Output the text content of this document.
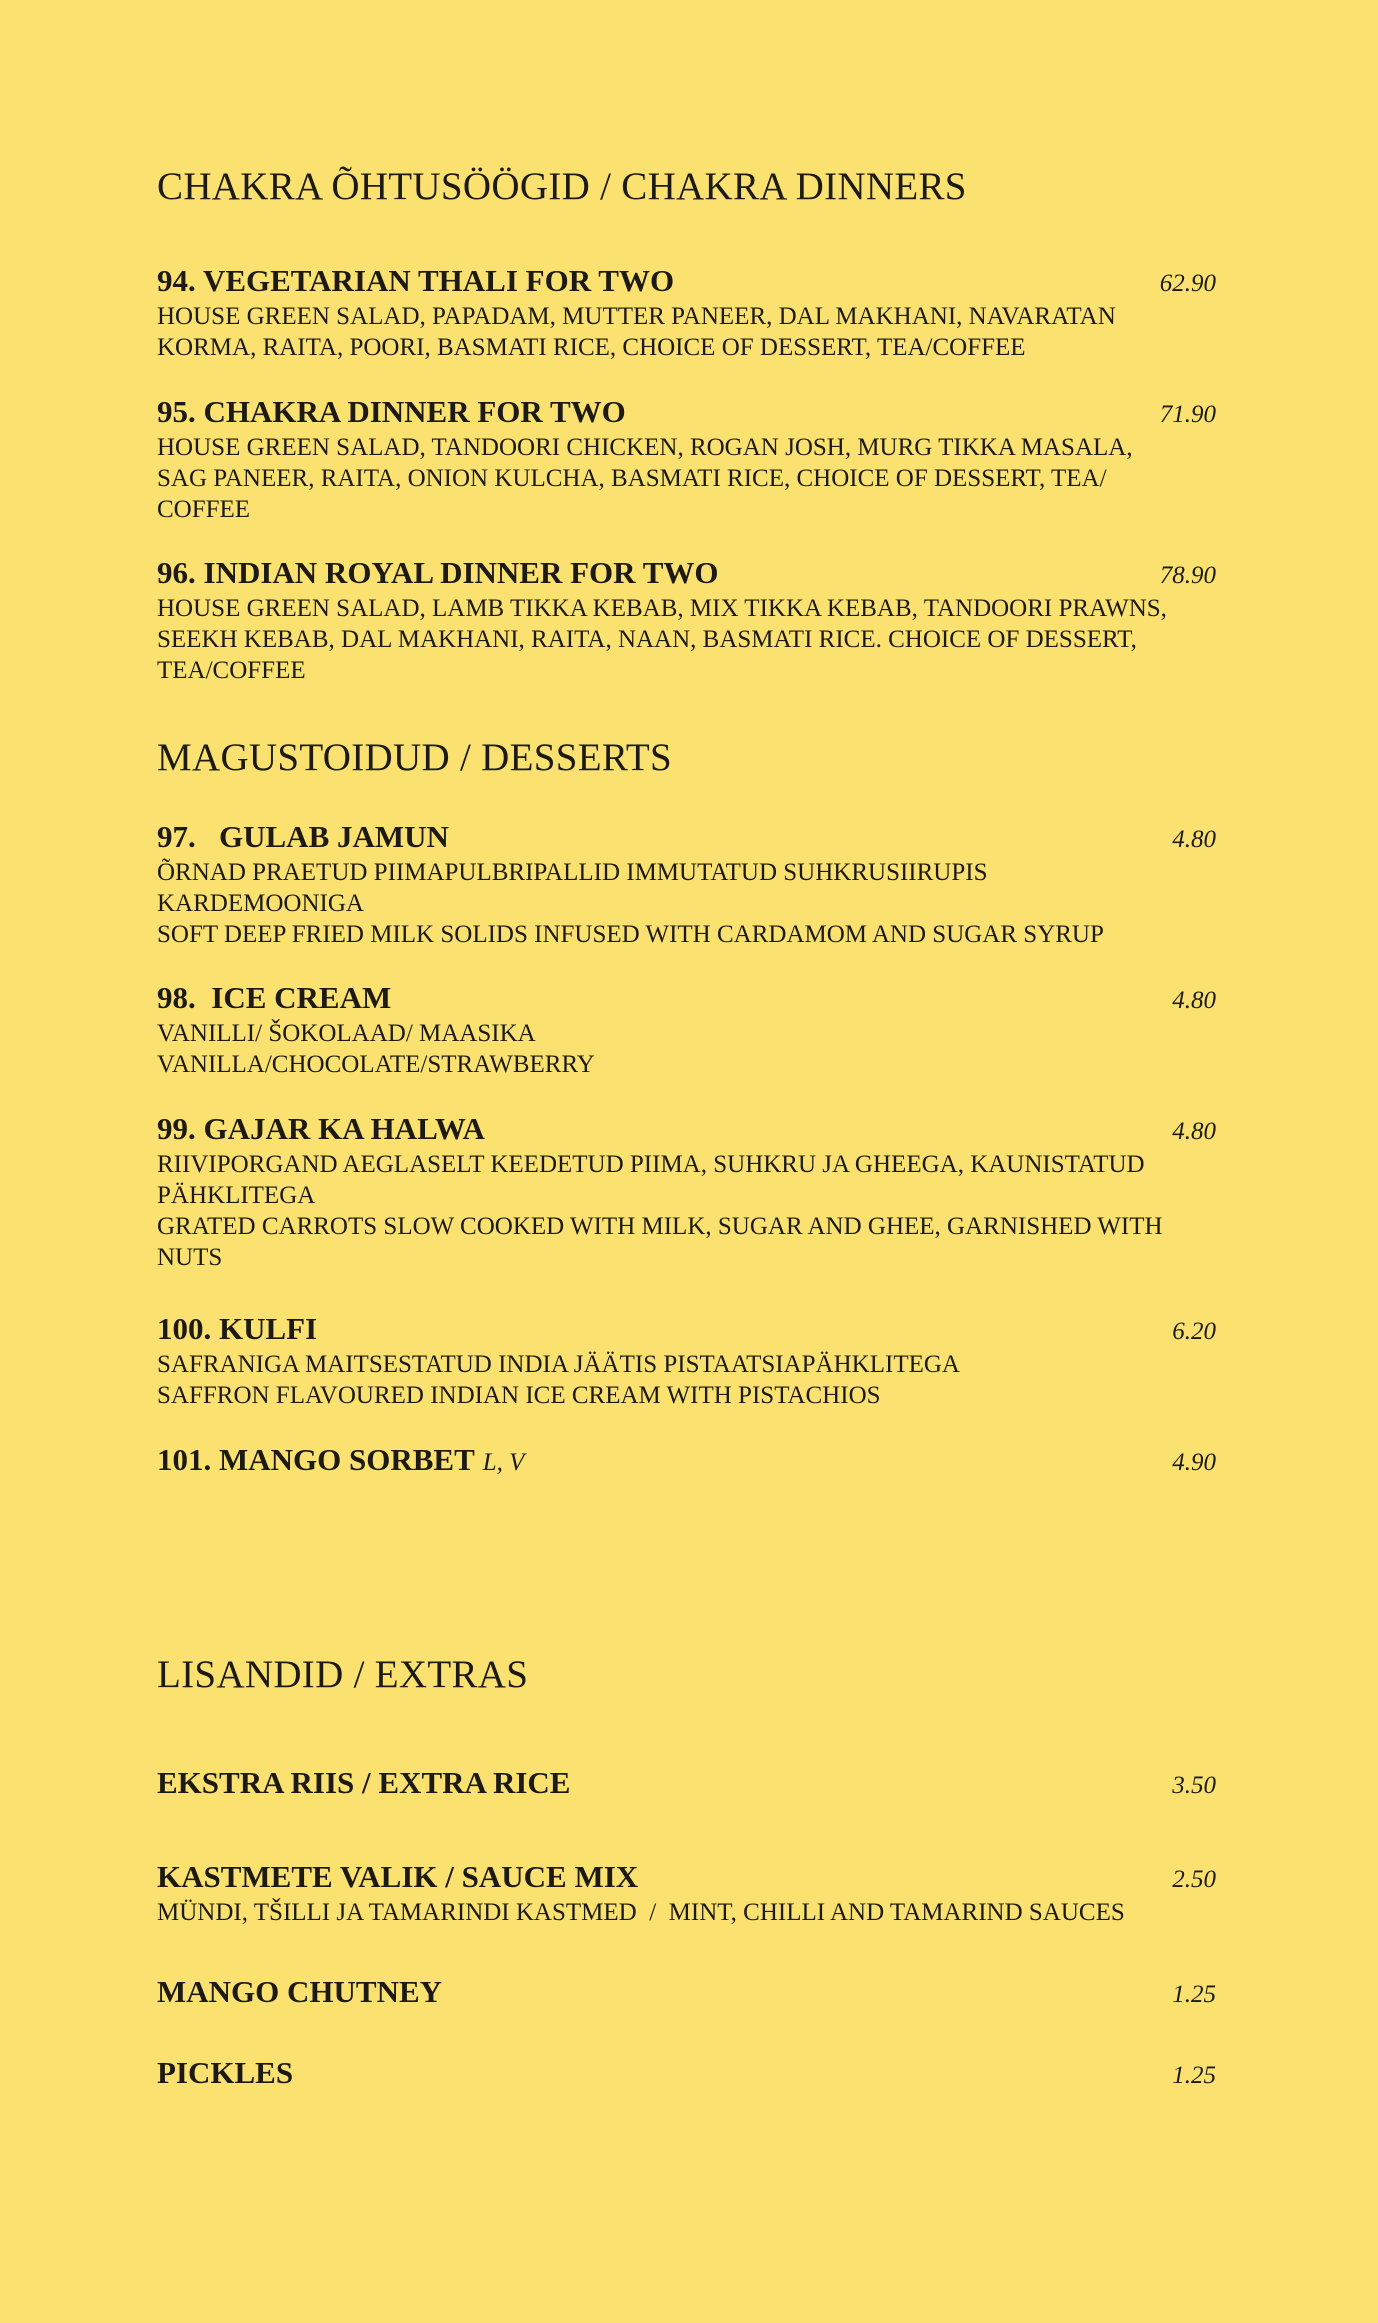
CHAKRA ÕHTUSÖÖGID / CHAKRA DINNERS
94. VEGETARIAN THALI FOR TWO	62.90
HOUSE GREEN SALAD, PAPADAM, MUTTER PANEER, DAL MAKHANI, NAVARATAN
KORMA, RAITA, POORI, BASMATI RICE, CHOICE OF DESSERT, TEA/COFFEE
95. CHAKRA DINNER FOR TWO	71.90
HOUSE GREEN SALAD, TANDOORI CHICKEN, ROGAN JOSH, MURG TIKKA MASALA,
SAG PANEER, RAITA, ONION KULCHA, BASMATI RICE, CHOICE OF DESSERT, TEA/
COFFEE
96. INDIAN ROYAL DINNER FOR TWO	78.90
HOUSE GREEN SALAD, LAMB TIKKA KEBAB, MIX TIKKA KEBAB, TANDOORI PRAWNS,
SEEKH KEBAB, DAL MAKHANI, RAITA, NAAN, BASMATI RICE. CHOICE OF DESSERT,
TEA/COFFEE
MAGUSTOIDUD / DESSERTS
97.   GULAB JAMUN	4.80
ÕRNAD PRAETUD PIIMAPULBRIPALLID IMMUTATUD SUHKRUSIIRUPIS
KARDEMOONIGA
SOFT DEEP FRIED MILK SOLIDS INFUSED WITH CARDAMOM AND SUGAR SYRUP
98.  ICE CREAM	4.80
VANILLI/ ŠOKOLAAD/ MAASIKA
VANILLA/CHOCOLATE/STRAWBERRY
99. GAJAR KA HALWA	4.80
RIIVIPORGAND AEGLASELT KEEDETUD PIIMA, SUHKRU JA GHEEGA, KAUNISTATUD
PÄHKLITEGA
GRATED CARROTS SLOW COOKED WITH MILK, SUGAR AND GHEE, GARNISHED WITH
NUTS
100. KULFI	6.20
SAFRANIGA MAITSESTATUD INDIA JÄÄTIS PISTAATSIAPÄHKLITEGA
SAFFRON FLAVOURED INDIAN ICE CREAM WITH PISTACHIOS
101. MANGO SORBET L, V	4.90
LISANDID / EXTRAS
EKSTRA RIIS / EXTRA RICE	3.50
KASTMETE VALIK / SAUCE MIX	2.50
MÜNDI, TŠILLI JA TAMARINDI KASTMED  /  MINT, CHILLI AND TAMARIND SAUCES
MANGO CHUTNEY	1.25
PICKLES	1.25
